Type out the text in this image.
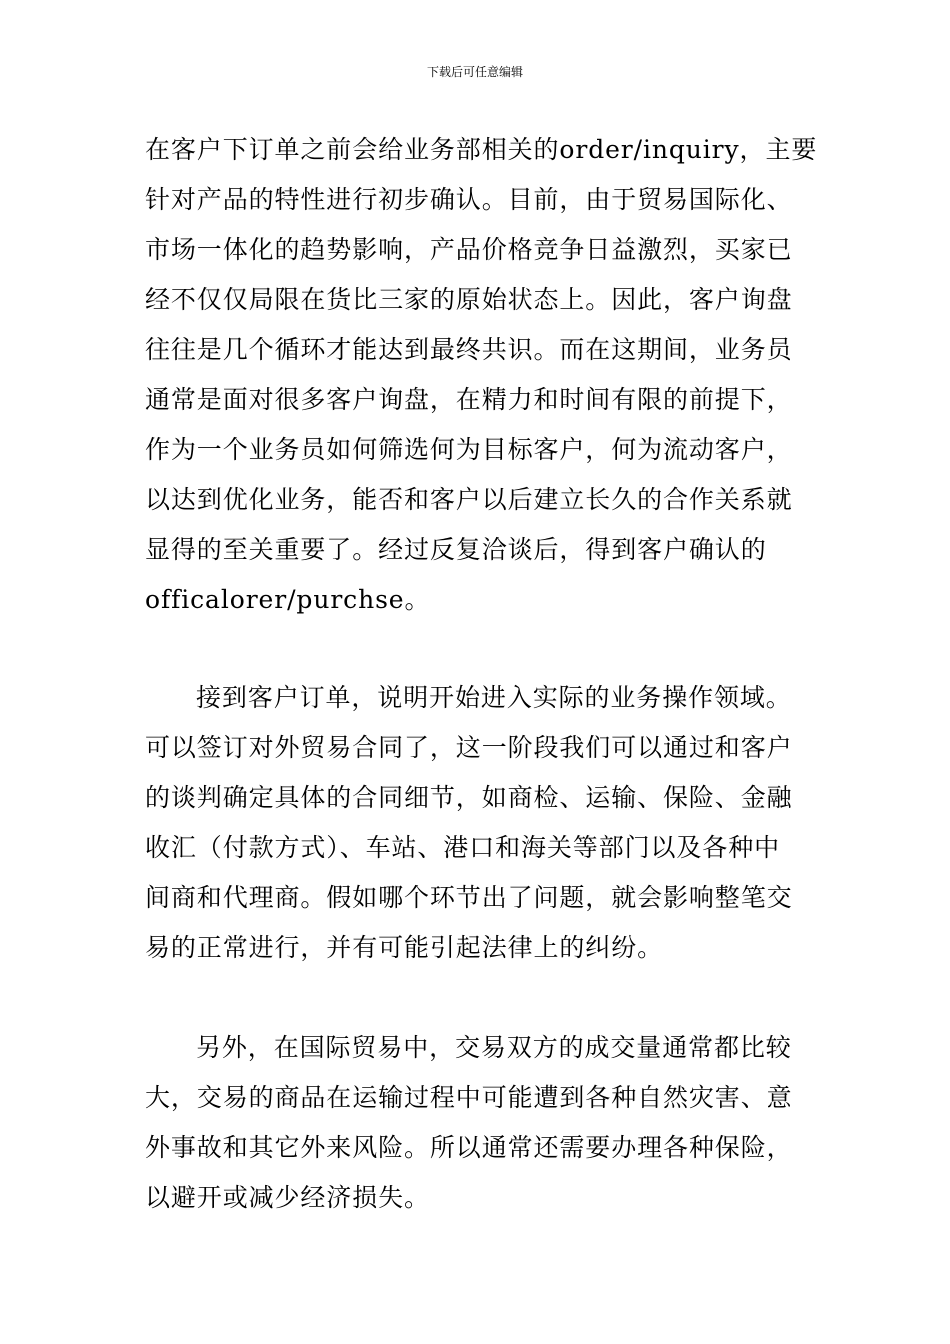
下载后可任意编辑
在客户下订单之前会给业务部相关的order/inquiry，主要
针对产品的特性进行初步确认。目前，由于贸易国际化、
市场一体化的趋势影响，产品价格竞争日益激烈，买家已
经不仅仅局限在货比三家的原始状态上。因此，客户询盘
往往是几个循环才能达到最终共识。而在这期间，业务员
通常是面对很多客户询盘，在精力和时间有限的前提下，
作为一个业务员如何筛选何为目标客户，何为流动客户，
以达到优化业务，能否和客户以后建立长久的合作关系就
显得的至关重要了。经过反复洽谈后，得到客户确认的
officalorer/purchse。
接到客户订单，说明开始进入实际的业务操作领域。
可以签订对外贸易合同了，这一阶段我们可以通过和客户
的谈判确定具体的合同细节，如商检、运输、保险、金融
收汇（付款方式）、车站、港口和海关等部门以及各种中
间商和代理商。假如哪个环节出了问题，就会影响整笔交
易的正常进行，并有可能引起法律上的纠纷。
另外，在国际贸易中，交易双方的成交量通常都比较
大，交易的商品在运输过程中可能遭到各种自然灾害、意
外事故和其它外来风险。所以通常还需要办理各种保险，
以避开或减少经济损失。
